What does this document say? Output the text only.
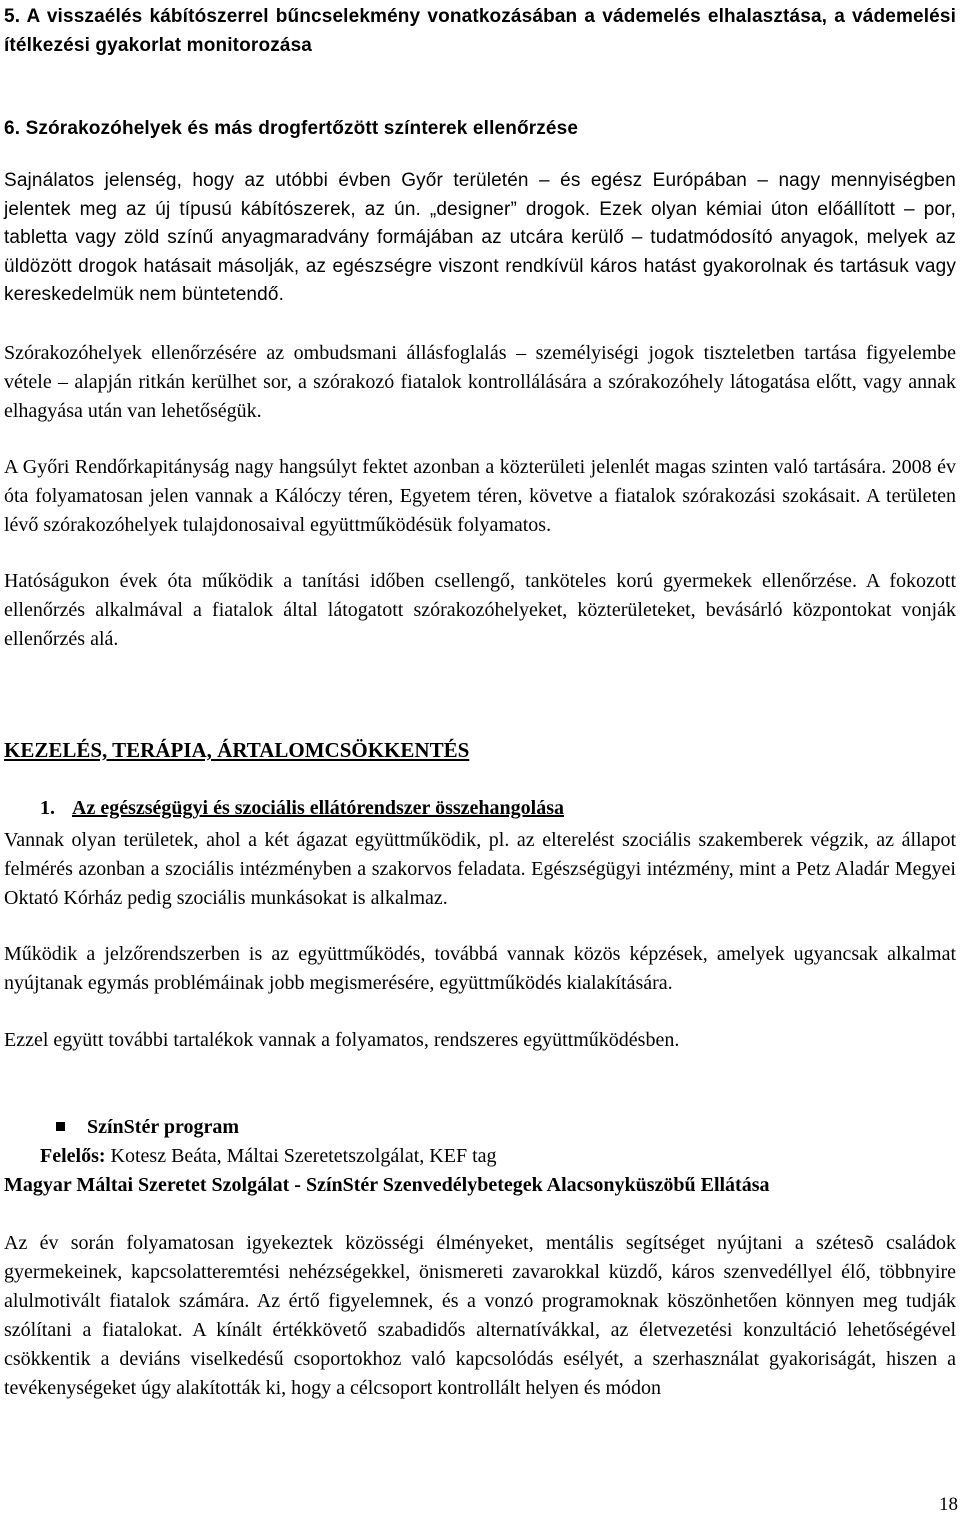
5. A visszaélés kábítószerrel bűncselekmény vonatkozásában a vádemelés elhalasztása, a vádemelési ítélkezési gyakorlat monitorozása

6. Szórakozóhelyek és más drogfertőzött színterek ellenőrzése

Sajnálatos jelenség, hogy az utóbbi évben Győr területén – és egész Európában – nagy mennyiségben jelentek meg az új típusú kábítószerek, az ún. „designer” drogok. Ezek olyan kémiai úton előállított – por, tabletta vagy zöld színű anyagmaradvány formájában az utcára kerülő – tudatmódosító anyagok, melyek az üldözött drogok hatásait másolják, az egészségre viszont rendkívül káros hatást gyakorolnak és tartásuk vagy kereskedelmük nem büntetendő.

Szórakozóhelyek ellenőrzésére az ombudsmani állásfoglalás – személyiségi jogok tiszteletben tartása figyelembe vétele – alapján ritkán kerülhet sor, a szórakozó fiatalok kontrollálására a szórakozóhely látogatása előtt, vagy annak elhagyása után van lehetőségük.

A Győri Rendőrkapitányság nagy hangsúlyt fektet azonban a közterületi jelenlét magas szinten való tartására. 2008 év óta folyamatosan jelen vannak a Kálóczy téren, Egyetem téren, követve a fiatalok szórakozási szokásait. A területen lévő szórakozóhelyek tulajdonosaival együttműködésük folyamatos.

Hatóságukon évek óta működik a tanítási időben csellengő, tanköteles korú gyermekek ellenőrzése. A fokozott ellenőrzés alkalmával a fiatalok által látogatott szórakozóhelyeket, közterületeket, bevásárló központokat vonják ellenőrzés alá.

KEZELÉS, TERÁPIA, ÁRTALOMCSÖKKENTÉS
1. Az egészségügyi és szociális ellátórendszer összehangolása

Vannak olyan területek, ahol a két ágazat együttműködik, pl. az elterelést szociális szakemberek végzik, az állapot felmérés azonban a szociális intézményben a szakorvos feladata. Egészségügyi intézmény, mint a Petz Aladár Megyei Oktató Kórház pedig szociális munkásokat is alkalmaz.

Működik a jelzőrendszerben is az együttműködés, továbbá vannak közös képzések, amelyek ugyancsak alkalmat nyújtanak egymás problémáinak jobb megismerésére, együttműködés kialakítására.

Ezzel együtt további tartalékok vannak a folyamatos, rendszeres együttműködésben.

SzínStér program
Felelős: Kotesz Beáta, Máltai Szeretetszolgálat, KEF tag

Magyar Máltai Szeretet Szolgálat - SzínStér Szenvedélybetegek Alacsonyküszöbű Ellátása

Az év során folyamatosan igyekeztek közösségi élményeket, mentális segítséget nyújtani a szétesõ családok gyermekeinek, kapcsolatteremtési nehézségekkel, önismereti zavarokkal küzdő, káros szenvedéllyel élő, többnyire alulmotivált fiatalok számára. Az értő figyelemnek, és a vonzó programoknak köszönhetően könnyen meg tudják szólítani a fiatalokat. A kínált értékkövető szabadidős alternatívákkal, az életvezetési konzultáció lehetőségével csökkentik a deviáns viselkedésű csoportokhoz való kapcsolódás esélyét, a szerhasználat gyakoriságát, hiszen a tevékenységeket úgy alakították ki, hogy a célcsoport kontrollált helyen és módon

18
